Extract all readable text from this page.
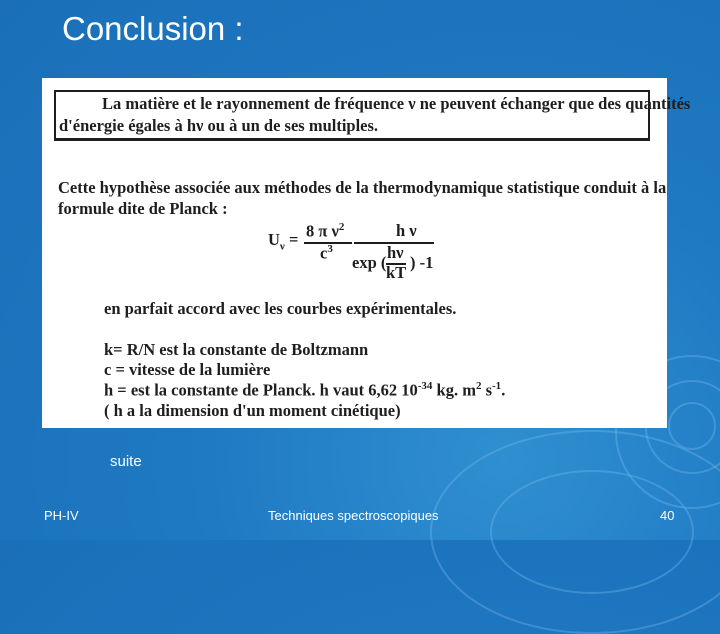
Conclusion :
La matière et le rayonnement de fréquence ν ne peuvent échanger que des quantités
d'énergie égales à hν ou à un de ses multiples.
Cette hypothèse associée aux méthodes de la thermodynamique statistique conduit à la
formule dite de Planck :
$U_\nu = 8$ π $\nu^2$
$c^3$
h ν
exp (
hν
kT
) -1
en parfait accord avec les courbes expérimentales.
k= R/N est la constante de Boltzmann
c = vitesse de la lumière
h = est la constante de Planck. h vaut 6,62 $10^{-34}$ kg. $m^2$ $s^{-1}$.
( h a la dimension d'un moment cinétique)
suite
PH-IV	Techniques spectroscopiques	40
